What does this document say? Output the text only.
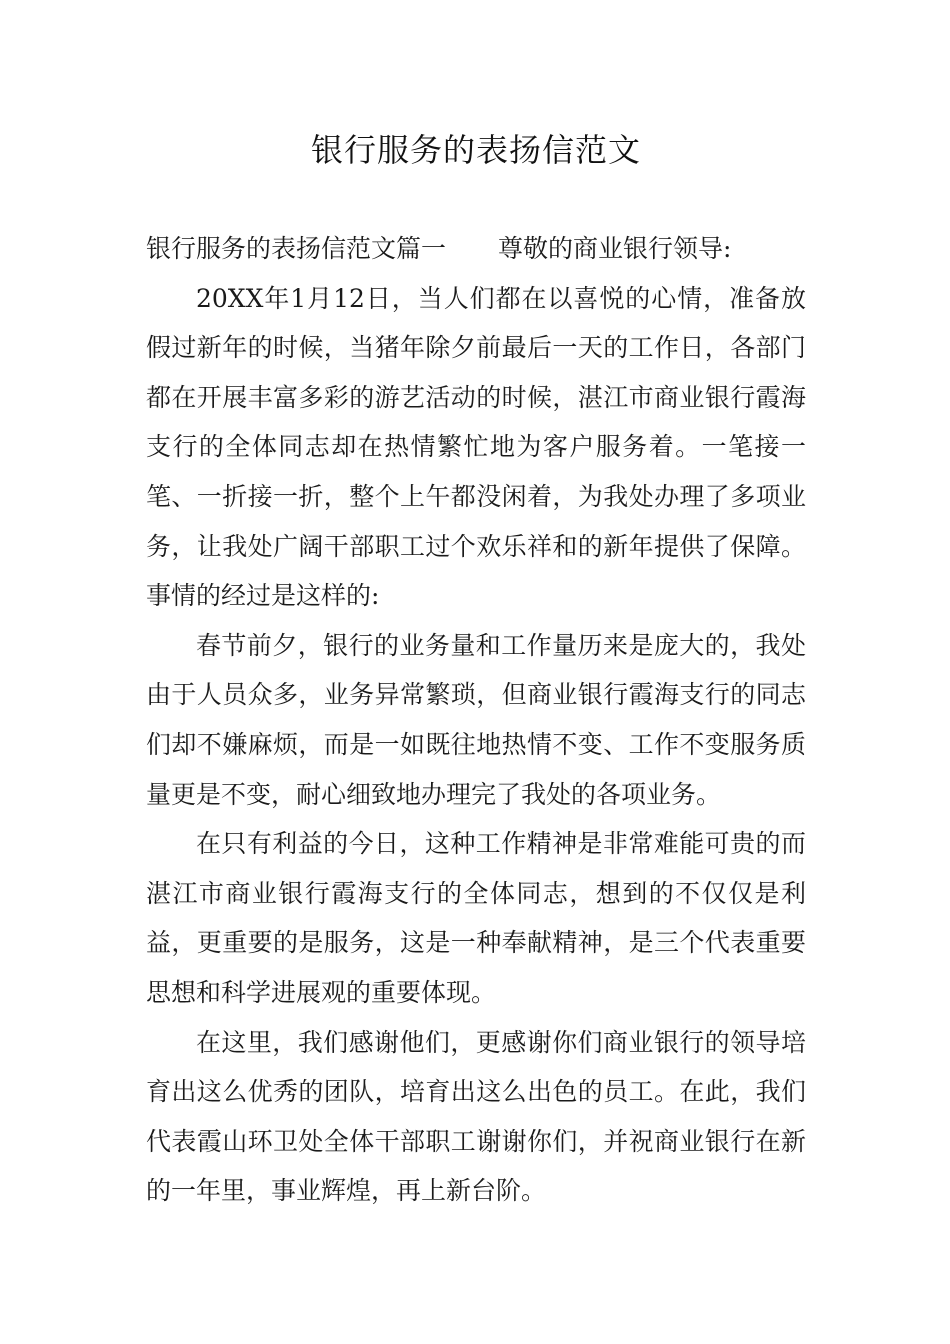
银行服务的表扬信范文

银行服务的表扬信范文篇一 尊敬的商业银行领导:

20XX年1月12日，当人们都在以喜悦的心情，准备放假过新年的时候，当猪年除夕前最后一天的工作日，各部门都在开展丰富多彩的游艺活动的时候，湛江市商业银行霞海支行的全体同志却在热情繁忙地为客户服务着。一笔接一笔、一折接一折，整个上午都没闲着，为我处办理了多项业务，让我处广阔干部职工过个欢乐祥和的新年提供了保障。事情的经过是这样的:

春节前夕，银行的业务量和工作量历来是庞大的，我处由于人员众多，业务异常繁琐，但商业银行霞海支行的同志们却不嫌麻烦，而是一如既往地热情不变、工作不变服务质量更是不变，耐心细致地办理完了我处的各项业务。

在只有利益的今日，这种工作精神是非常难能可贵的而湛江市商业银行霞海支行的全体同志，想到的不仅仅是利益，更重要的是服务，这是一种奉献精神，是三个代表重要思想和科学进展观的重要体现。

在这里，我们感谢他们，更感谢你们商业银行的领导培育出这么优秀的团队，培育出这么出色的员工。在此，我们代表霞山环卫处全体干部职工谢谢你们，并祝商业银行在新的一年里，事业辉煌，再上新台阶。
